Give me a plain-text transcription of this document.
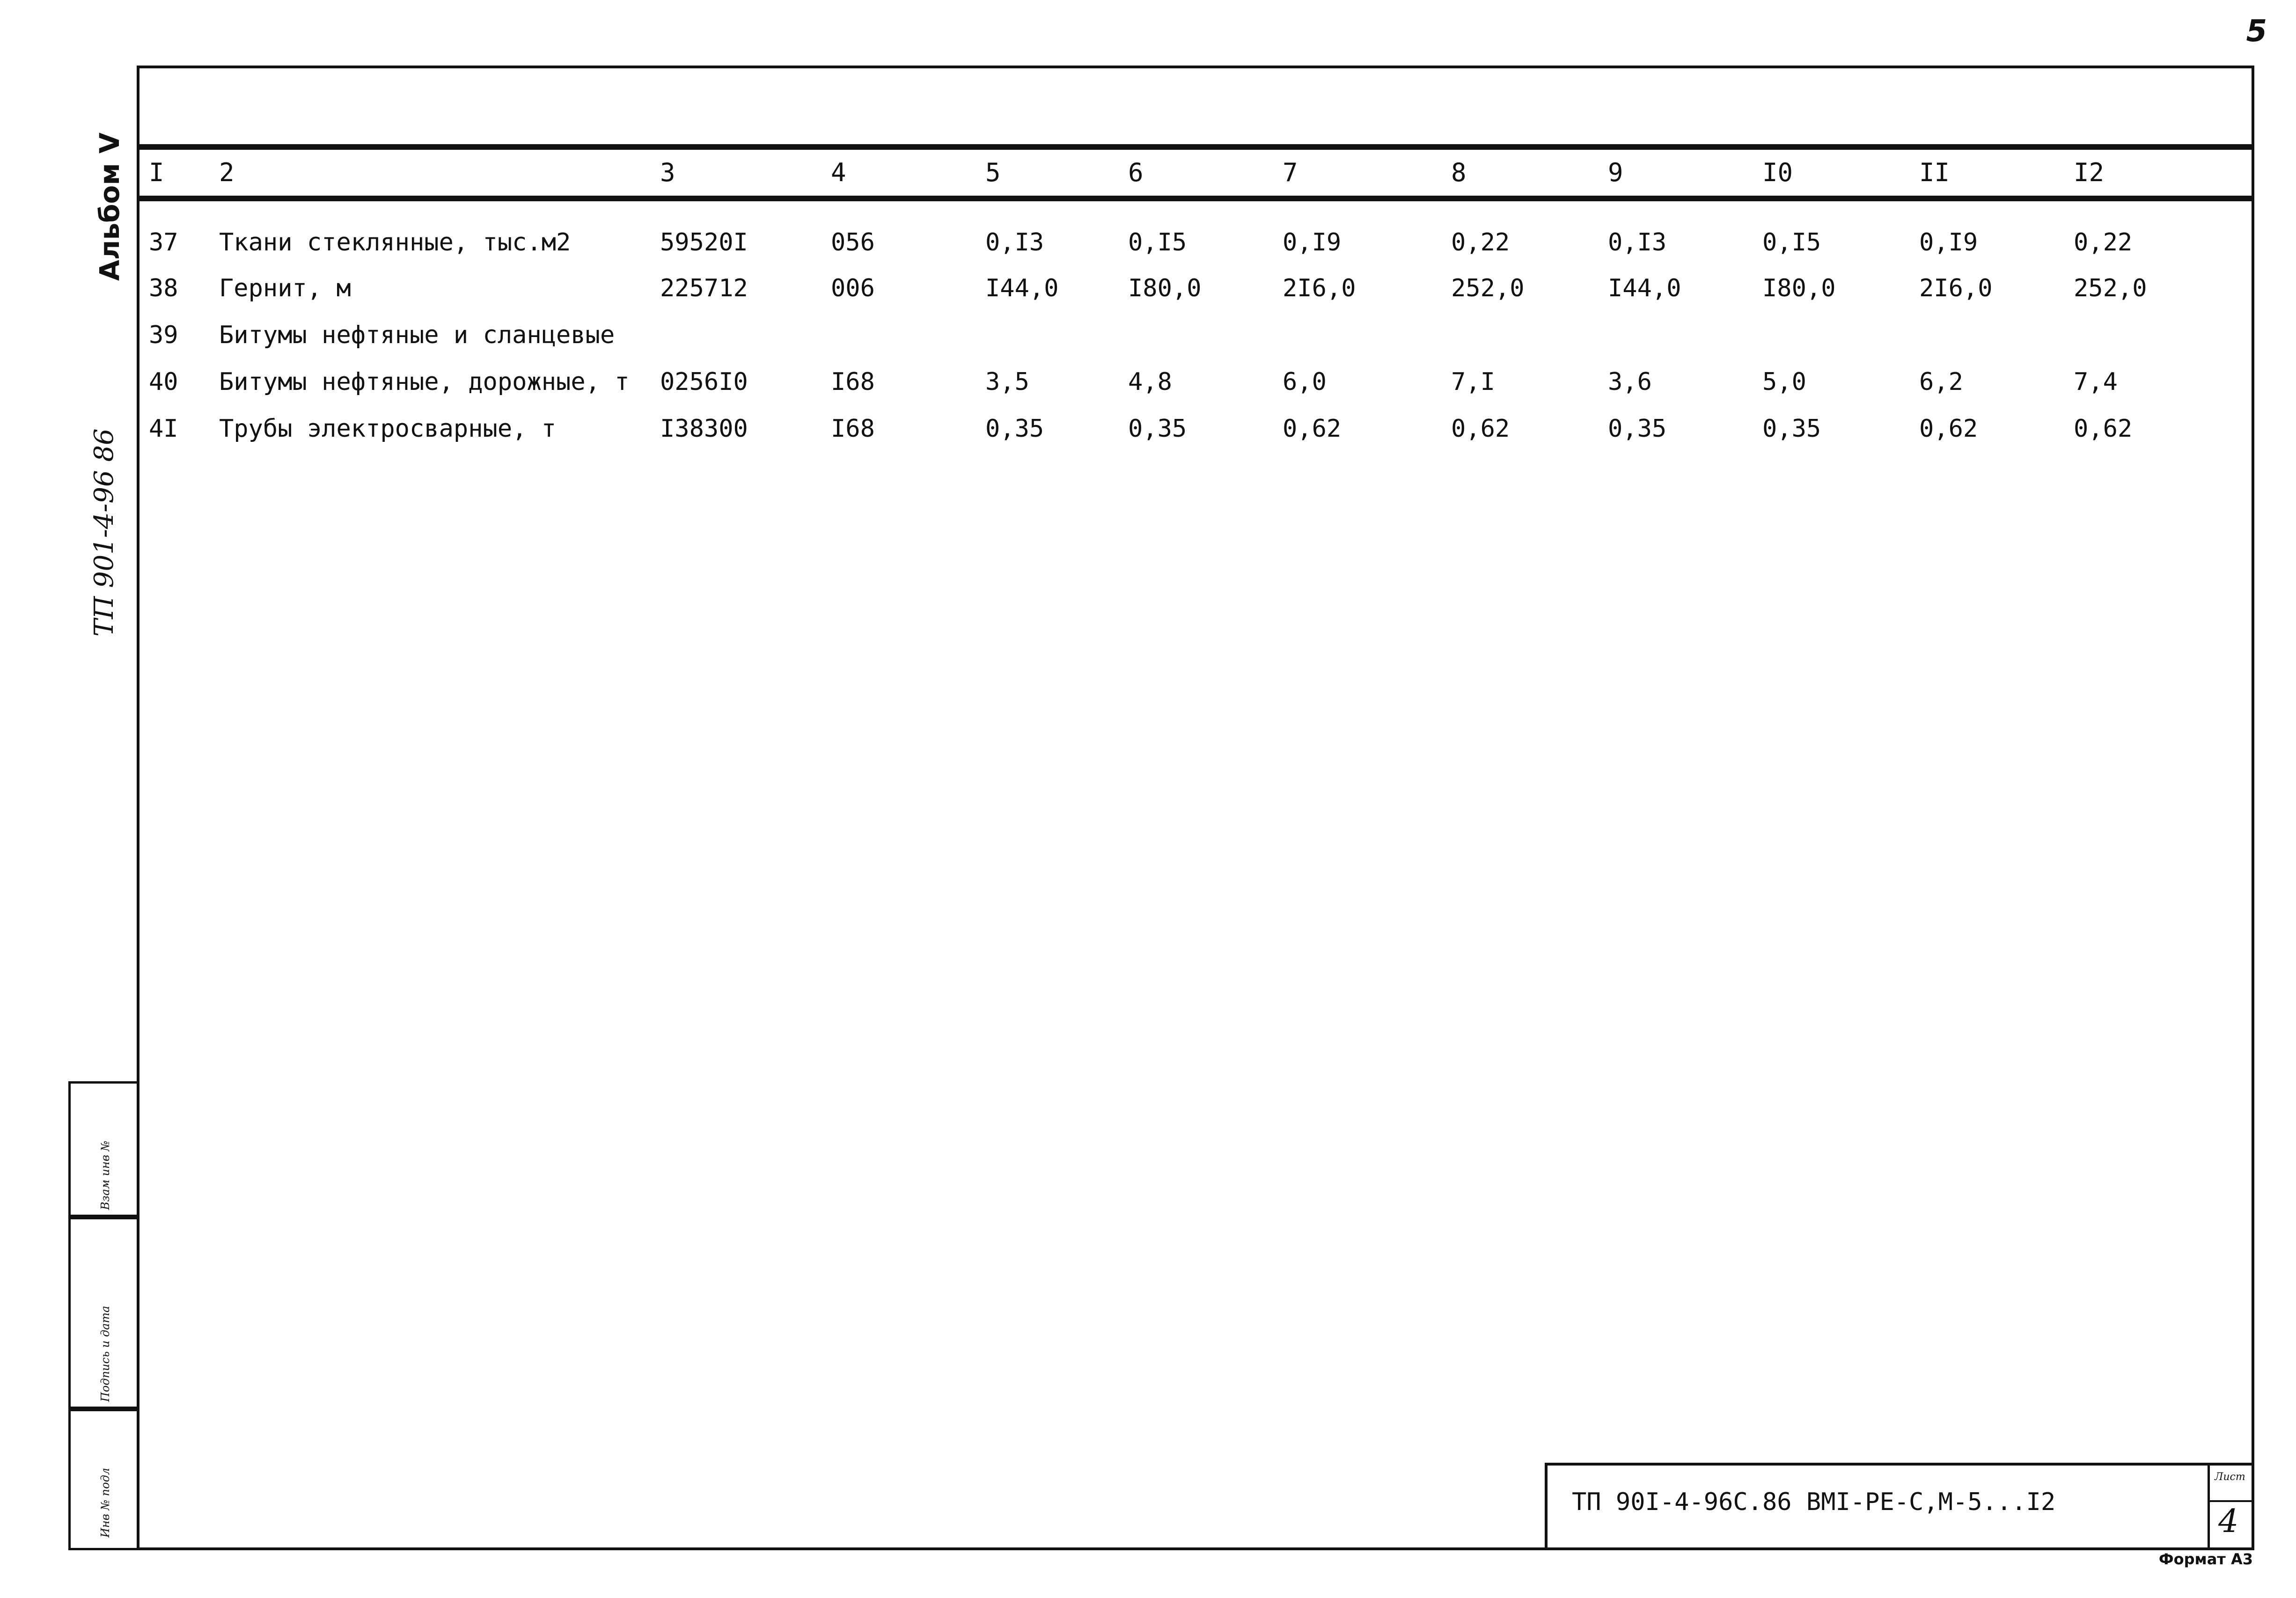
5
Альбом V
ТП 901-4-96 86
Взам инв №
Подпись и дата
Инв № подл
I 2	3	4	5	6	7	8	9	I0	II	I2
37 Ткани стеклянные, тыс.м2	59520I	056	0,I3	0,I5	0,I9	0,22	0,I3	0,I5	0,I9	0,22
38 Гернит, м	225712	006	I44,0	I80,0	2I6,0	252,0	I44,0	I80,0	2I6,0	252,0
39 Битумы нефтяные и сланцевые
40 Битумы нефтяные, дорожные, т 0256I0	I68	3,5	4,8	6,0	7,I	3,6	5,0	6,2	7,4
4I Трубы электросварные, т	I38300	I68	0,35	0,35	0,62	0,62	0,35	0,35	0,62	0,62
ТП 90I-4-96С.86 ВМI-РЕ-С,М-5...I2
Лист
4
Формат А3
